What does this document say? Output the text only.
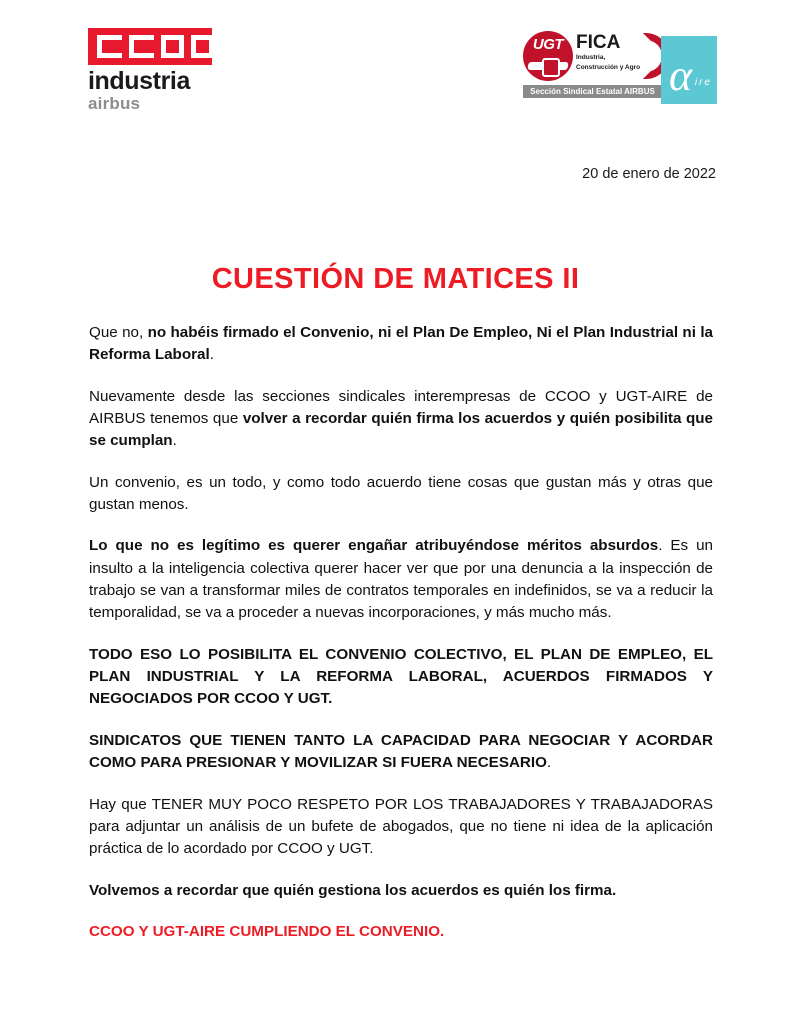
industria
airbus
UGT FICA
Industria,
Construcción y Agro
Sección Sindical Estatal AIRBUS α ire
20 de enero de 2022
CUESTIÓN DE MATICES II

Que no, no habéis firmado el Convenio, ni el Plan De Empleo, Ni el Plan Industrial ni la Reforma Laboral.

Nuevamente desde las secciones sindicales interempresas de CCOO y UGT-AIRE de AIRBUS tenemos que volver a recordar quién firma los acuerdos y quién posibilita que se cumplan.

Un convenio, es un todo, y como todo acuerdo tiene cosas que gustan más y otras que gustan menos.

Lo que no es legítimo es querer engañar atribuyéndose méritos absurdos. Es un insulto a la inteligencia colectiva querer hacer ver que por una denuncia a la inspección de trabajo se van a transformar miles de contratos temporales en indefinidos, se va a reducir la temporalidad, se va a proceder a nuevas incorporaciones, y más mucho más.

TODO ESO LO POSIBILITA EL CONVENIO COLECTIVO, EL PLAN DE EMPLEO, EL PLAN INDUSTRIAL Y LA REFORMA LABORAL, ACUERDOS FIRMADOS Y NEGOCIADOS POR CCOO Y UGT.

SINDICATOS QUE TIENEN TANTO LA CAPACIDAD PARA NEGOCIAR Y ACORDAR COMO PARA PRESIONAR Y MOVILIZAR SI FUERA NECESARIO.

Hay que TENER MUY POCO RESPETO POR LOS TRABAJADORES Y TRABAJADORAS para adjuntar un análisis de un bufete de abogados, que no tiene ni idea de la aplicación práctica de lo acordado por CCOO y UGT.

Volvemos a recordar que quién gestiona los acuerdos es quién los firma.

CCOO Y UGT-AIRE CUMPLIENDO EL CONVENIO.
